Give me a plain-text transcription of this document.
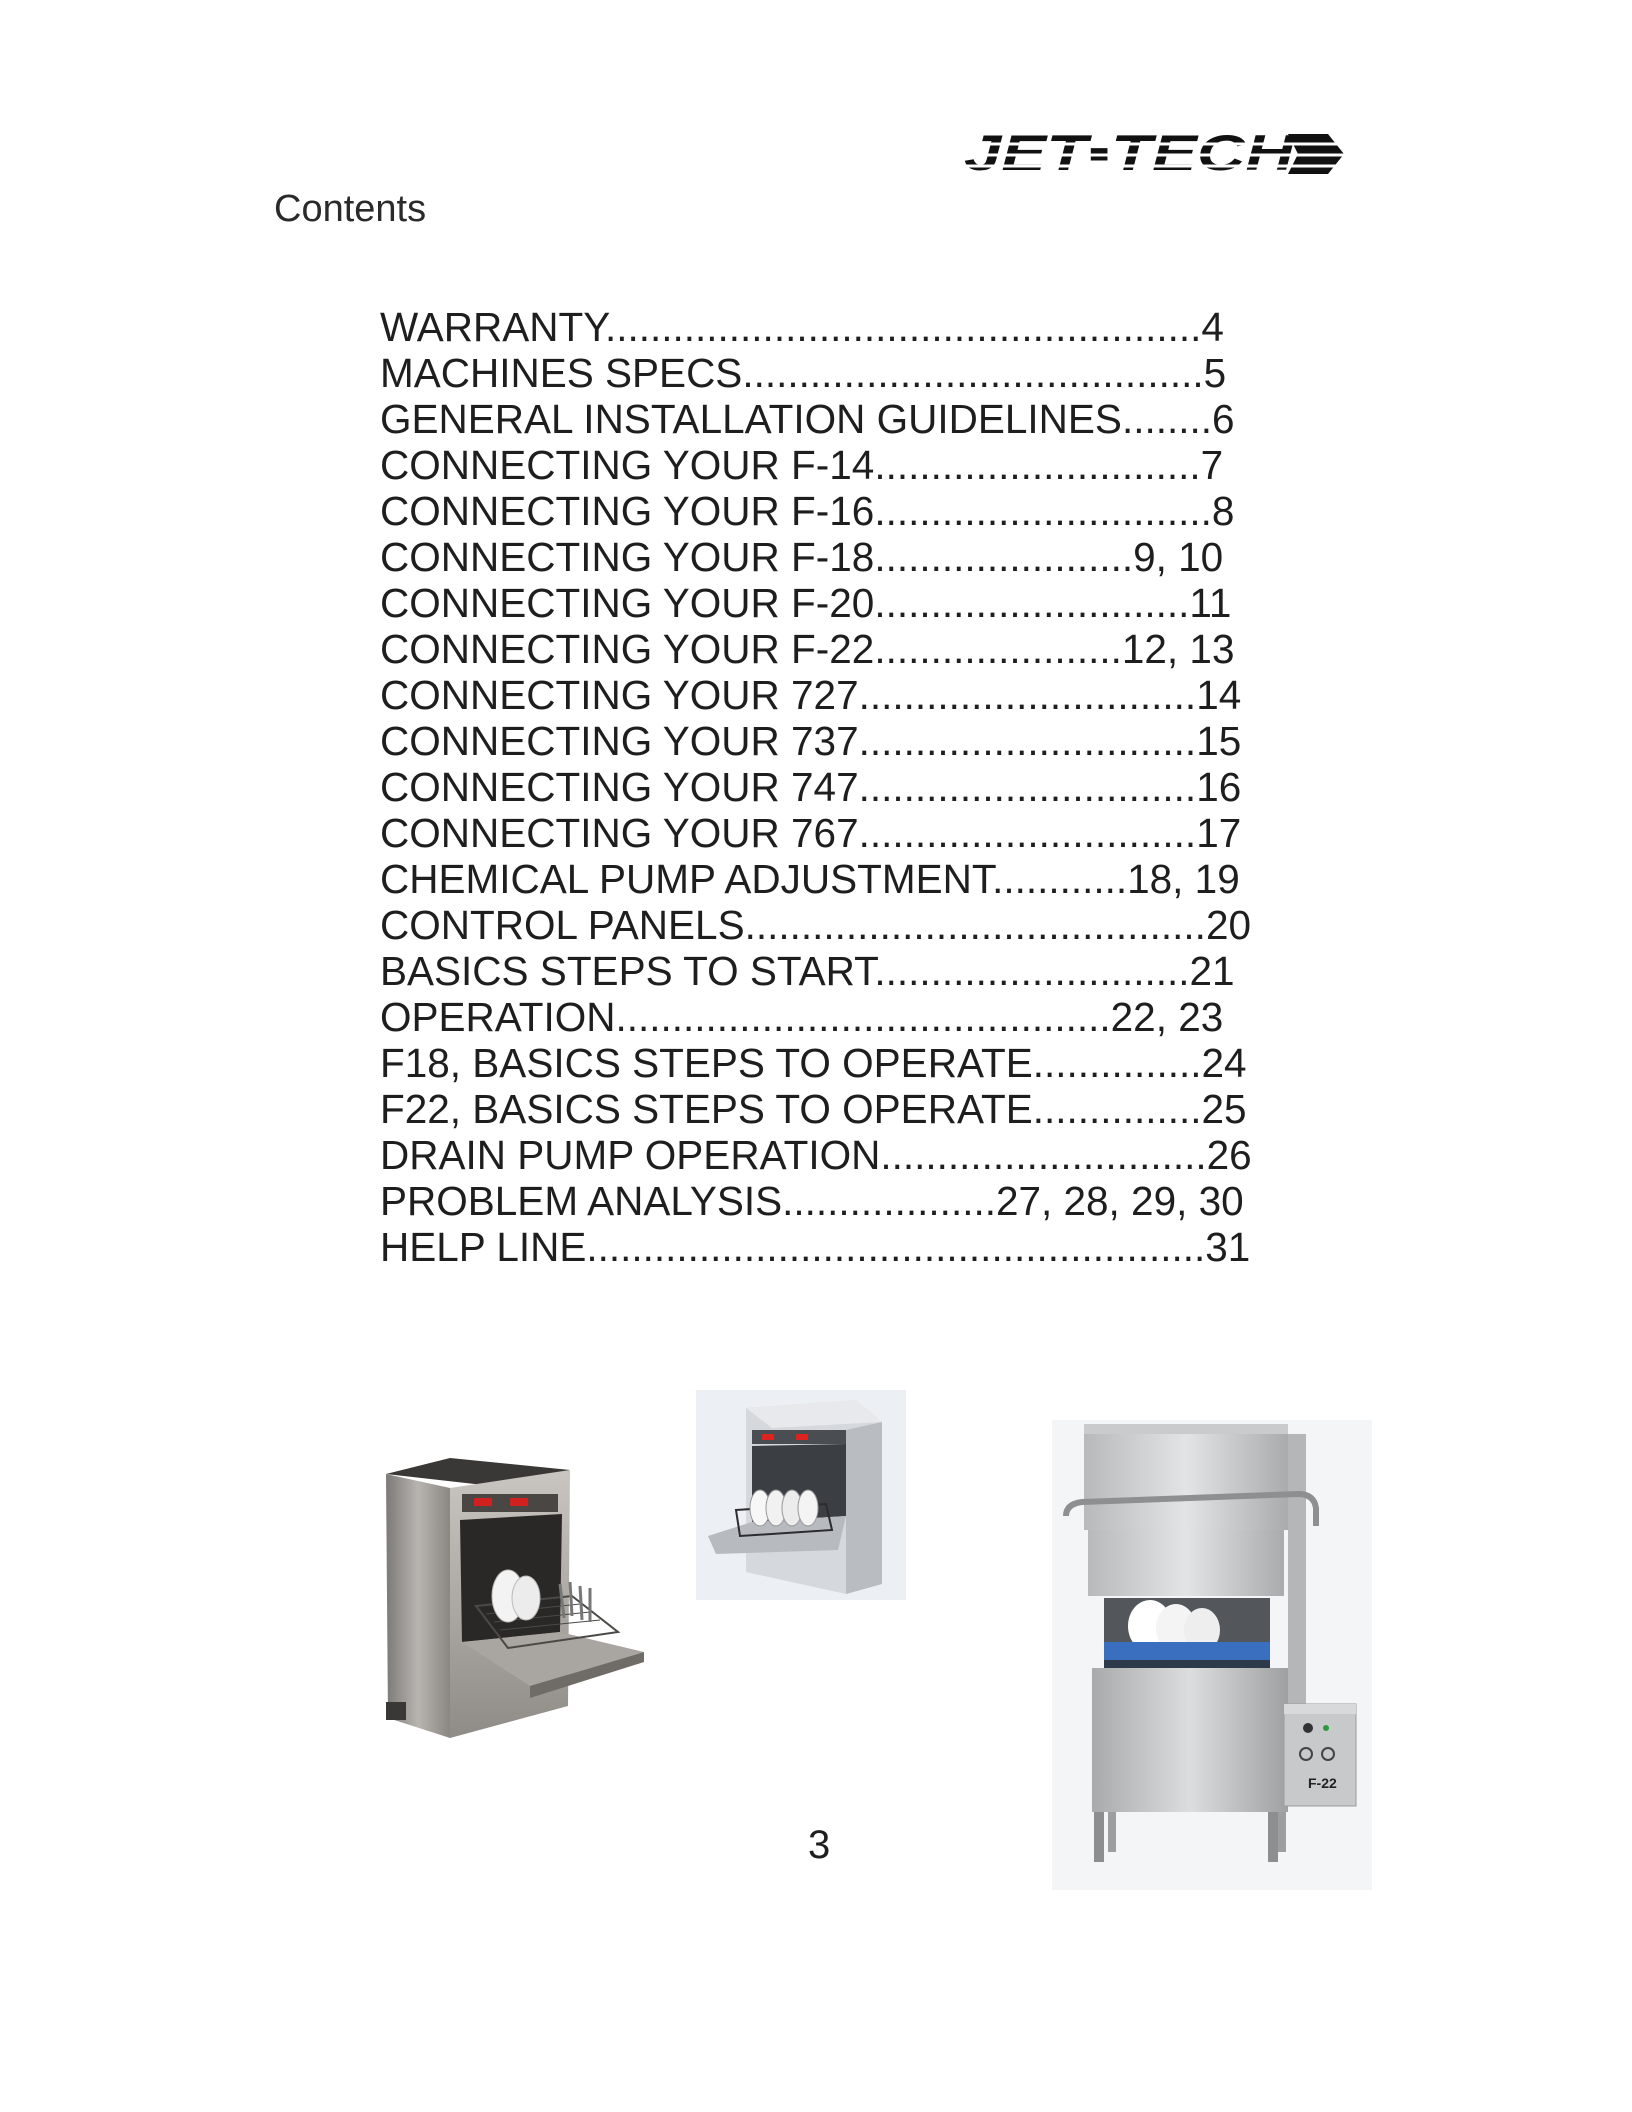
JET▪TECH
Contents
WARRANTY.....................................................4
MACHINES SPECS.........................................5
GENERAL INSTALLATION GUIDELINES........6
CONNECTING YOUR F-14.............................7
CONNECTING YOUR F-16..............................8
CONNECTING YOUR F-18.......................9, 10
CONNECTING YOUR F-20............................11
CONNECTING YOUR F-22......................12, 13
CONNECTING YOUR 727..............................14
CONNECTING YOUR 737..............................15
CONNECTING YOUR 747..............................16
CONNECTING YOUR 767..............................17
CHEMICAL PUMP ADJUSTMENT............18, 19
CONTROL PANELS.........................................20
BASICS STEPS TO START............................21
OPERATION............................................22, 23
F18, BASICS STEPS TO OPERATE...............24
F22, BASICS STEPS TO OPERATE...............25
DRAIN PUMP OPERATION.............................26
PROBLEM ANALYSIS...................27, 28, 29, 30
HELP LINE.......................................................31
F-22
3
